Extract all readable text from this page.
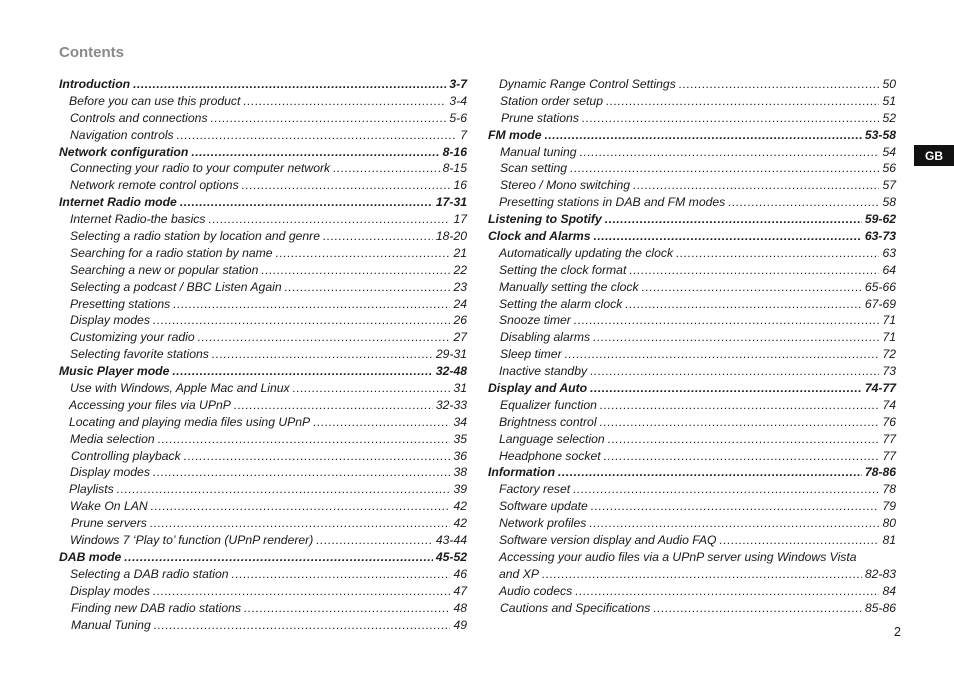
Contents
Introduction .....	3-7
Before you can use this product .....	3-4
Controls and connections .....	5-6
Navigation controls .....	7
Network configuration .....	8-16
Connecting your radio to your computer network .....	8-15
Network remote control options .....	16
Internet Radio mode .....	17-31
Internet Radio-the basics .....	17
Selecting a radio station by location and genre .....	18-20
Searching for a radio station by name .....	21
Searching a new or popular station .....	22
Selecting a podcast / BBC Listen Again .....	23
Presetting stations .....	24
Display modes .....	26
Customizing your radio .....	27
Selecting favorite stations .....	29-31
Music Player mode .....	32-48
Use with Windows, Apple Mac and Linux .....	31
Accessing your files via UPnP .....	32-33
Locating and playing media files using UPnP .....	34
Media selection .....	35
Controlling playback .....	36
Display modes .....	38
Playlists .....	39
Wake On LAN .....	42
Prune servers .....	42
Windows 7 ‘Play to’ function (UPnP renderer) .....	43-44
DAB mode .....	45-52
Selecting a DAB radio station .....	46
Display modes .....	47
Finding new DAB radio stations .....	48
Manual Tuning .....	49
Dynamic Range Control Settings .....	50
Station order setup .....	51
Prune stations .....	52
FM mode .....	53-58
Manual tuning .....	54
Scan setting .....	56
Stereo / Mono switching .....	57
Presetting stations in DAB and FM modes .....	58
Listening to Spotify .....	59-62
Clock and Alarms .....	63-73
Automatically updating the clock .....	63
Setting the clock format .....	64
Manually setting the clock .....	65-66
Setting the alarm clock .....	67-69
Snooze timer .....	71
Disabling alarms .....	71
Sleep timer .....	72
Inactive standby .....	73
Display and Auto .....	74-77
Equalizer function .....	74
Brightness control .....	76
Language selection .....	77
Headphone socket .....	77
Information .....	78-86
Factory reset .....	78
Software update .....	79
Network profiles .....	80
Software version display and Audio FAQ .....	81
Accessing your audio files via a UPnP server using Windows Vista
and XP .....	82-83
Audio codecs .....	84
Cautions and Specifications .....	85-86
GB
2
